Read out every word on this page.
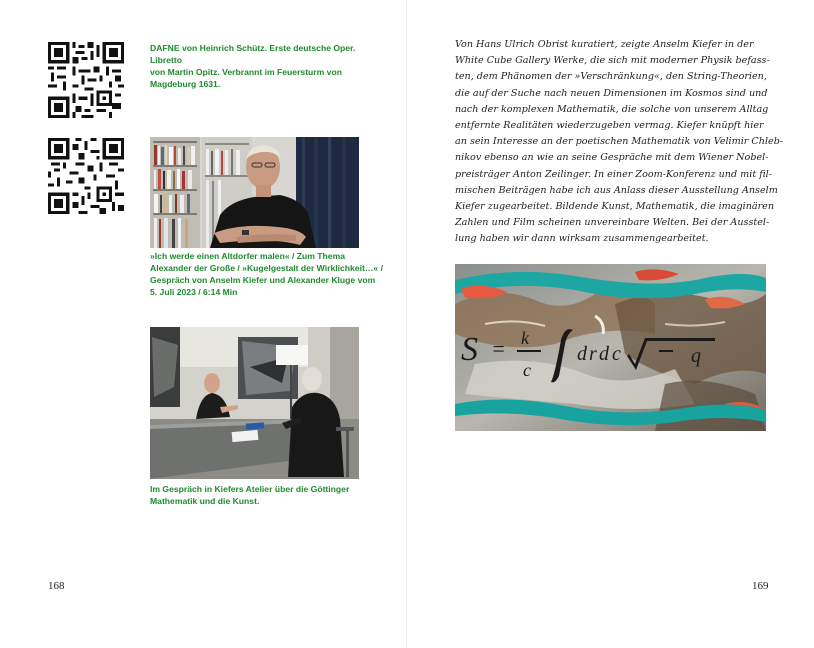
DAFNE von Heinrich Schütz. Erste deutsche Oper. Libretto
von Martin Opitz. Verbrannt im Feuersturm von
Magdeburg 1631.

»Ich werde einen Altdorfer malen« / Zum Thema
Alexander der Große / »Kugelgestalt der Wirklichkeit…« /
Gespräch von Anselm Kiefer und Alexander Kluge vom
5. Juli 2023 / 6:14 Min

Im Gespräch in Kiefers Atelier über die Göttinger
Mathematik und die Kunst.

168

Von Hans Ulrich Obrist kuratiert, zeigte Anselm Kiefer in der
White Cube Gallery Werke, die sich mit moderner Physik befass-
ten, dem Phänomen der »Verschränkung«, den String-Theorien,
die auf der Suche nach neuen Dimensionen im Kosmos sind und
nach der komplexen Mathematik, die solche von unserem Alltag
entfernte Realitäten wiederzugeben vermag. Kiefer knüpft hier
an sein Interesse an der poetischen Mathematik von Velimir Chleb-
nikov ebenso an wie an seine Gespräche mit dem Wiener Nobel-
preisträger Anton Zeilinger. In einer Zoom-Konferenz und mit fil-
mischen Beiträgen habe ich aus Anlass dieser Ausstellung Anselm
Kiefer zugearbeitet. Bildende Kunst, Mathematik, die imaginären
Zahlen und Film scheinen unvereinbare Welten. Bei der Ausstel-
lung haben wir dann wirksam zusammengearbeitet.

S = k
c
d r d c	q
169
